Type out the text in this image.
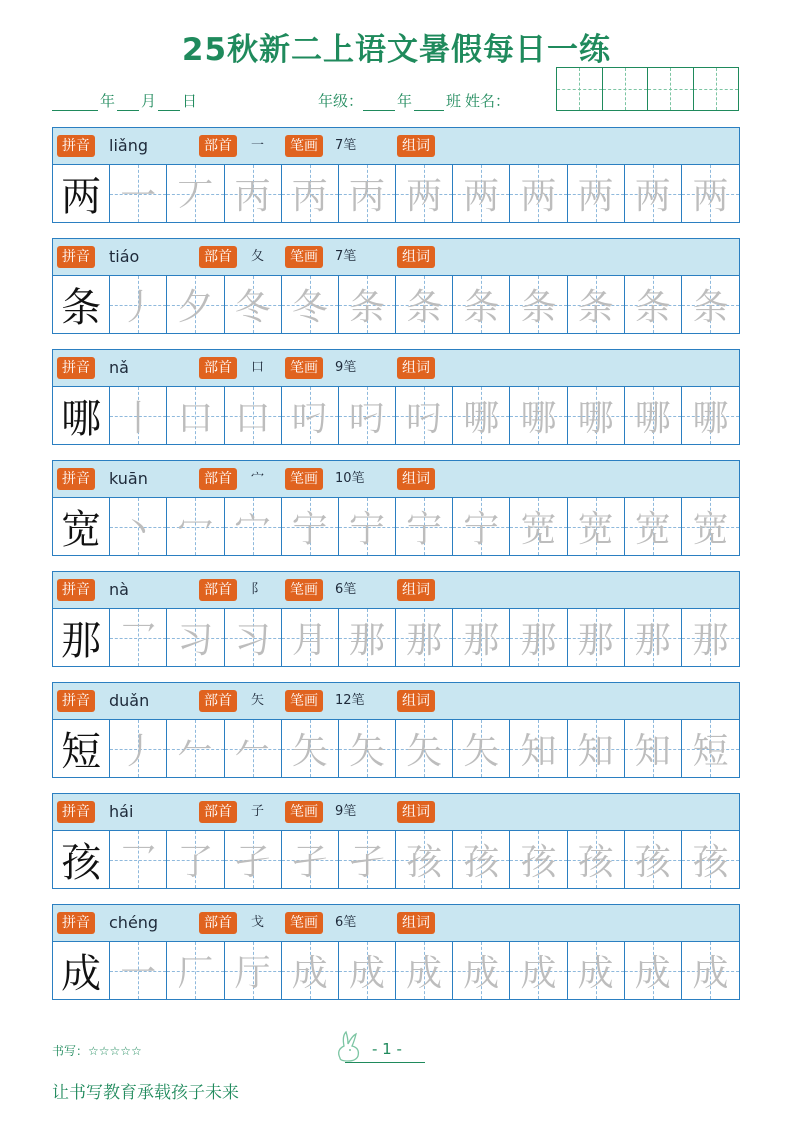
25秋新二上语文暑假每日一练
年 月 日	年级： 年 班 姓名：
拼音	liǎng	部首	一	笔画	7笔	组词
两 一 丆 丙 丙 丙 两 两 两 两 两 两
拼音	tiáo	部首	夂	笔画	7笔	组词
条 丿 夕 冬 冬 条 条 条 条 条 条 条
拼音	nǎ	部首	口	笔画	9笔	组词
哪 丨 口 口 叼 叼 叼 哪 哪 哪 哪 哪
拼音	kuān	部首	宀	笔画	10笔	组词
宽 丶 冖 宀 宁 宁 宁 宁 宽 宽 宽 宽
拼音	nà	部首	阝	笔画	6笔	组词
那 乛 习 习 月 那 那 那 那 那 那 那
拼音	duǎn	部首	矢	笔画	12笔	组词
短 丿 𠂉 𠂉 矢 矢 矢 矢 知 知 知 短
拼音	hái	部首	子	笔画	9笔	组词
孩 乛 了 孑 孑 孑 孩 孩 孩 孩 孩 孩
拼音	chéng	部首	戈	笔画	6笔	组词
成 一 厂 厅 成 成 成 成 成 成 成 成
书写：☆☆☆☆☆	- 1 -
让书写教育承载孩子未来
